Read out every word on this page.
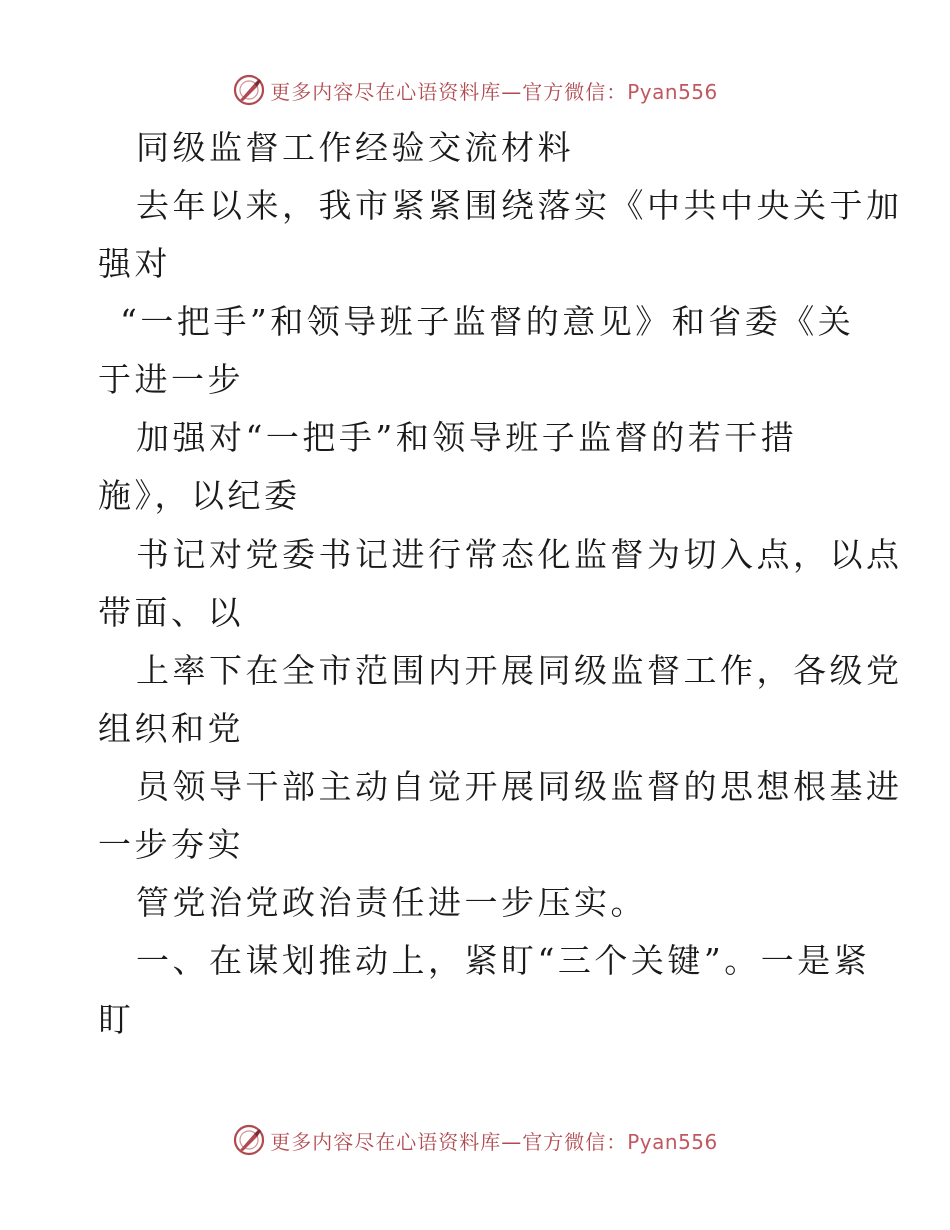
更多内容尽在心语资料库—官方微信：Pyan556
同级监督工作经验交流材料
去年以来，我市紧紧围绕落实《中共中央关于加
强对
“一把手”和领导班子监督的意见》和省委《关
于进一步
加强对“一把手”和领导班子监督的若干措
施》，以纪委
书记对党委书记进行常态化监督为切入点，以点
带面、以
上率下在全市范围内开展同级监督工作，各级党
组织和党
员领导干部主动自觉开展同级监督的思想根基进
一步夯实
管党治党政治责任进一步压实。
一、在谋划推动上，紧盯“三个关键”。一是紧
盯
更多内容尽在心语资料库—官方微信：Pyan556
